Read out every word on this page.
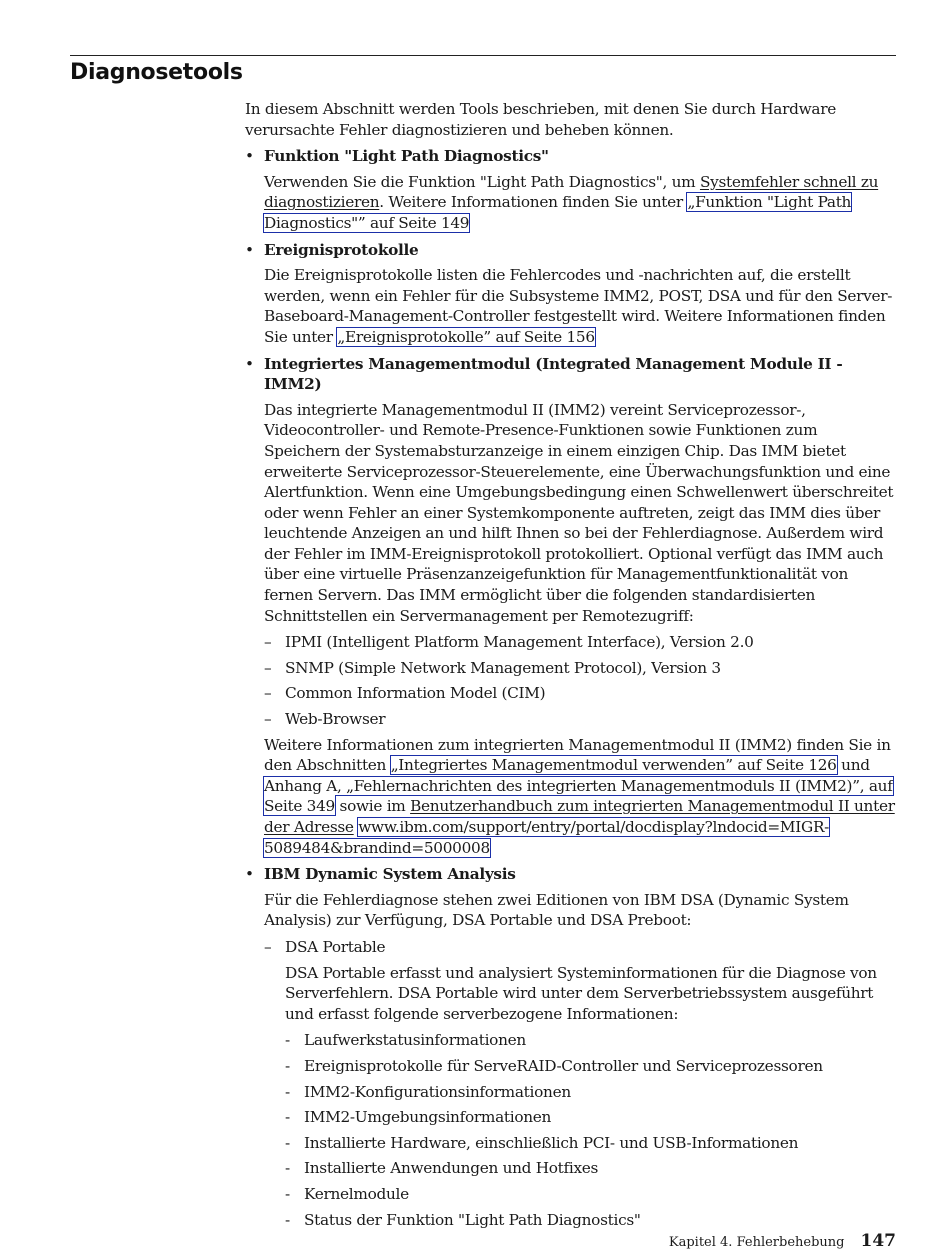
Diagnosetools

In diesem Abschnitt werden Tools beschrieben, mit denen Sie durch Hardware verursachte Fehler diagnostizieren und beheben können.

• Funktion "Light Path Diagnostics"

Verwenden Sie die Funktion "Light Path Diagnostics", um Systemfehler schnell zu diagnostizieren. Weitere Informationen finden Sie unter „Funktion "Light Path Diagnostics"” auf Seite 149

• Ereignisprotokolle

Die Ereignisprotokolle listen die Fehlercodes und -nachrichten auf, die erstellt werden, wenn ein Fehler für die Subsysteme IMM2, POST, DSA und für den Server-Baseboard-Management-Controller festgestellt wird. Weitere Informationen finden Sie unter „Ereignisprotokolle” auf Seite 156

• Integriertes Managementmodul (Integrated Management Module II - IMM2)

Das integrierte Managementmodul II (IMM2) vereint Serviceprozessor-, Videocontroller- und Remote-Presence-Funktionen sowie Funktionen zum Speichern der Systemabsturzanzeige in einem einzigen Chip. Das IMM bietet erweiterte Serviceprozessor-Steuerelemente, eine Überwachungsfunktion und eine Alertfunktion. Wenn eine Umgebungsbedingung einen Schwellenwert überschreitet oder wenn Fehler an einer Systemkomponente auftreten, zeigt das IMM dies über leuchtende Anzeigen an und hilft Ihnen so bei der Fehlerdiagnose. Außerdem wird der Fehler im IMM-Ereignisprotokoll protokolliert. Optional verfügt das IMM auch über eine virtuelle Präsenzanzeigefunktion für Managementfunktionalität von fernen Servern. Das IMM ermöglicht über die folgenden standardisierten Schnittstellen ein Servermanagement per Remotezugriff:

– IPMI (Intelligent Platform Management Interface), Version 2.0
– SNMP (Simple Network Management Protocol), Version 3
– Common Information Model (CIM)
– Web-Browser

Weitere Informationen zum integrierten Managementmodul II (IMM2) finden Sie in den Abschnitten „Integriertes Managementmodul verwenden” auf Seite 126 und Anhang A, „Fehlernachrichten des integrierten Managementmoduls II (IMM2)”, auf Seite 349 sowie im Benutzerhandbuch zum integrierten Managementmodul II unter der Adresse www.ibm.com/support/entry/portal/docdisplay?lndocid=MIGR-5089484&brandind=5000008

• IBM Dynamic System Analysis

Für die Fehlerdiagnose stehen zwei Editionen von IBM DSA (Dynamic System Analysis) zur Verfügung, DSA Portable und DSA Preboot:

– DSA Portable

DSA Portable erfasst und analysiert Systeminformationen für die Diagnose von Serverfehlern. DSA Portable wird unter dem Serverbetriebssystem ausgeführt und erfasst folgende serverbezogene Informationen:

- Laufwerkstatusinformationen
- Ereignisprotokolle für ServeRAID-Controller und Serviceprozessoren
- IMM2-Konfigurationsinformationen
- IMM2-Umgebungsinformationen
- Installierte Hardware, einschließlich PCI- und USB-Informationen
- Installierte Anwendungen und Hotfixes
- Kernelmodule
- Status der Funktion "Light Path Diagnostics"
Kapitel 4. Fehlerbehebung 147
